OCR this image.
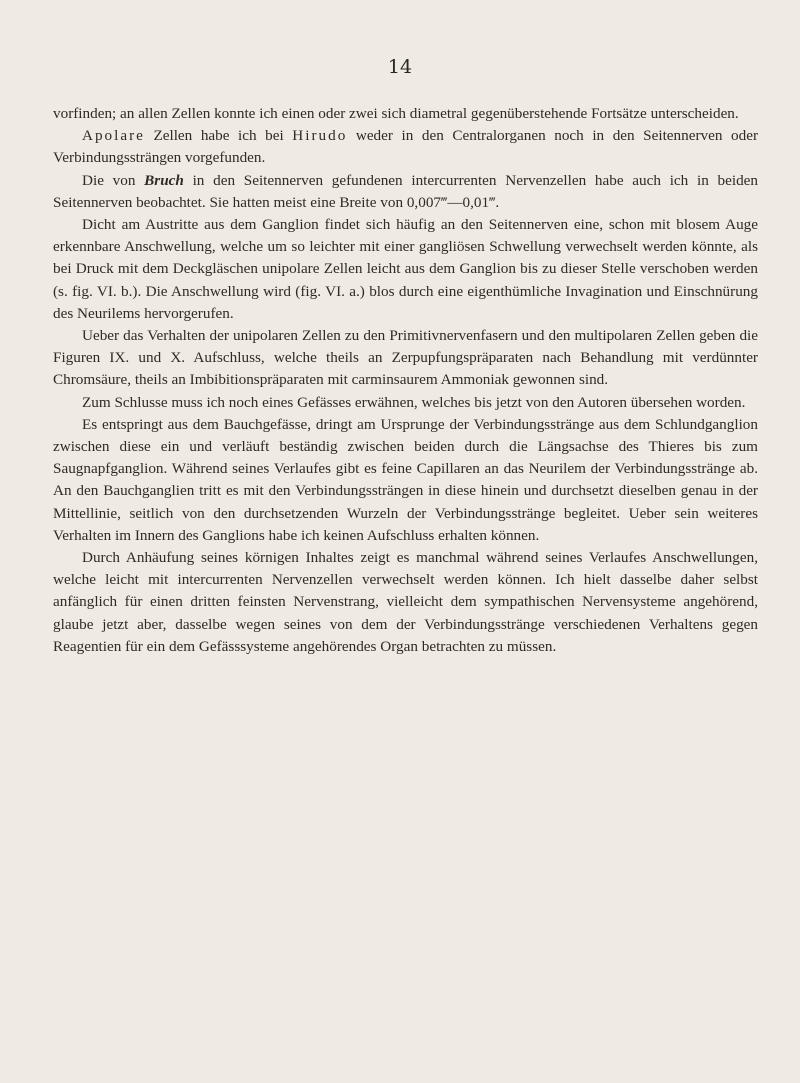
14

vorfinden; an allen Zellen konnte ich einen oder zwei sich diametral gegenüberstehende Fortsätze unterscheiden.

Apolare Zellen habe ich bei Hirudo weder in den Centralorganen noch in den Seitennerven oder Verbindungssträngen vorgefunden.

Die von Bruch in den Seitennerven gefundenen intercurrenten Nervenzellen habe auch ich in beiden Seitennerven beobachtet. Sie hatten meist eine Breite von 0,007‴—0,01‴.

Dicht am Austritte aus dem Ganglion findet sich häufig an den Seitennerven eine, schon mit blosem Auge erkennbare Anschwellung, welche um so leichter mit einer gangliösen Schwellung verwechselt werden könnte, als bei Druck mit dem Deckgläschen unipolare Zellen leicht aus dem Ganglion bis zu dieser Stelle verschoben werden (s. fig. VI. b.). Die Anschwellung wird (fig. VI. a.) blos durch eine eigenthümliche Invagination und Einschnürung des Neurilems hervorgerufen.

Ueber das Verhalten der unipolaren Zellen zu den Primitivnervenfasern und den multipolaren Zellen geben die Figuren IX. und X. Aufschluss, welche theils an Zerpupfungspräparaten nach Behandlung mit verdünnter Chromsäure, theils an Imbibitionspräparaten mit carminsaurem Ammoniak gewonnen sind.

Zum Schlusse muss ich noch eines Gefässes erwähnen, welches bis jetzt von den Autoren übersehen worden.

Es entspringt aus dem Bauchgefässe, dringt am Ursprunge der Verbindungsstränge aus dem Schlundganglion zwischen diese ein und verläuft beständig zwischen beiden durch die Längsachse des Thieres bis zum Saugnapfganglion. Während seines Verlaufes gibt es feine Capillaren an das Neurilem der Verbindungsstränge ab. An den Bauchganglien tritt es mit den Verbindungssträngen in diese hinein und durchsetzt dieselben genau in der Mittellinie, seitlich von den durchsetzenden Wurzeln der Verbindungsstränge begleitet. Ueber sein weiteres Verhalten im Innern des Ganglions habe ich keinen Aufschluss erhalten können.

Durch Anhäufung seines körnigen Inhaltes zeigt es manchmal während seines Verlaufes Anschwellungen, welche leicht mit intercurrenten Nervenzellen verwechselt werden können. Ich hielt dasselbe daher selbst anfänglich für einen dritten feinsten Nervenstrang, vielleicht dem sympathischen Nervensysteme angehörend, glaube jetzt aber, dasselbe wegen seines von dem der Verbindungsstränge verschiedenen Verhaltens gegen Reagentien für ein dem Gefässsysteme angehörendes Organ betrachten zu müssen.
